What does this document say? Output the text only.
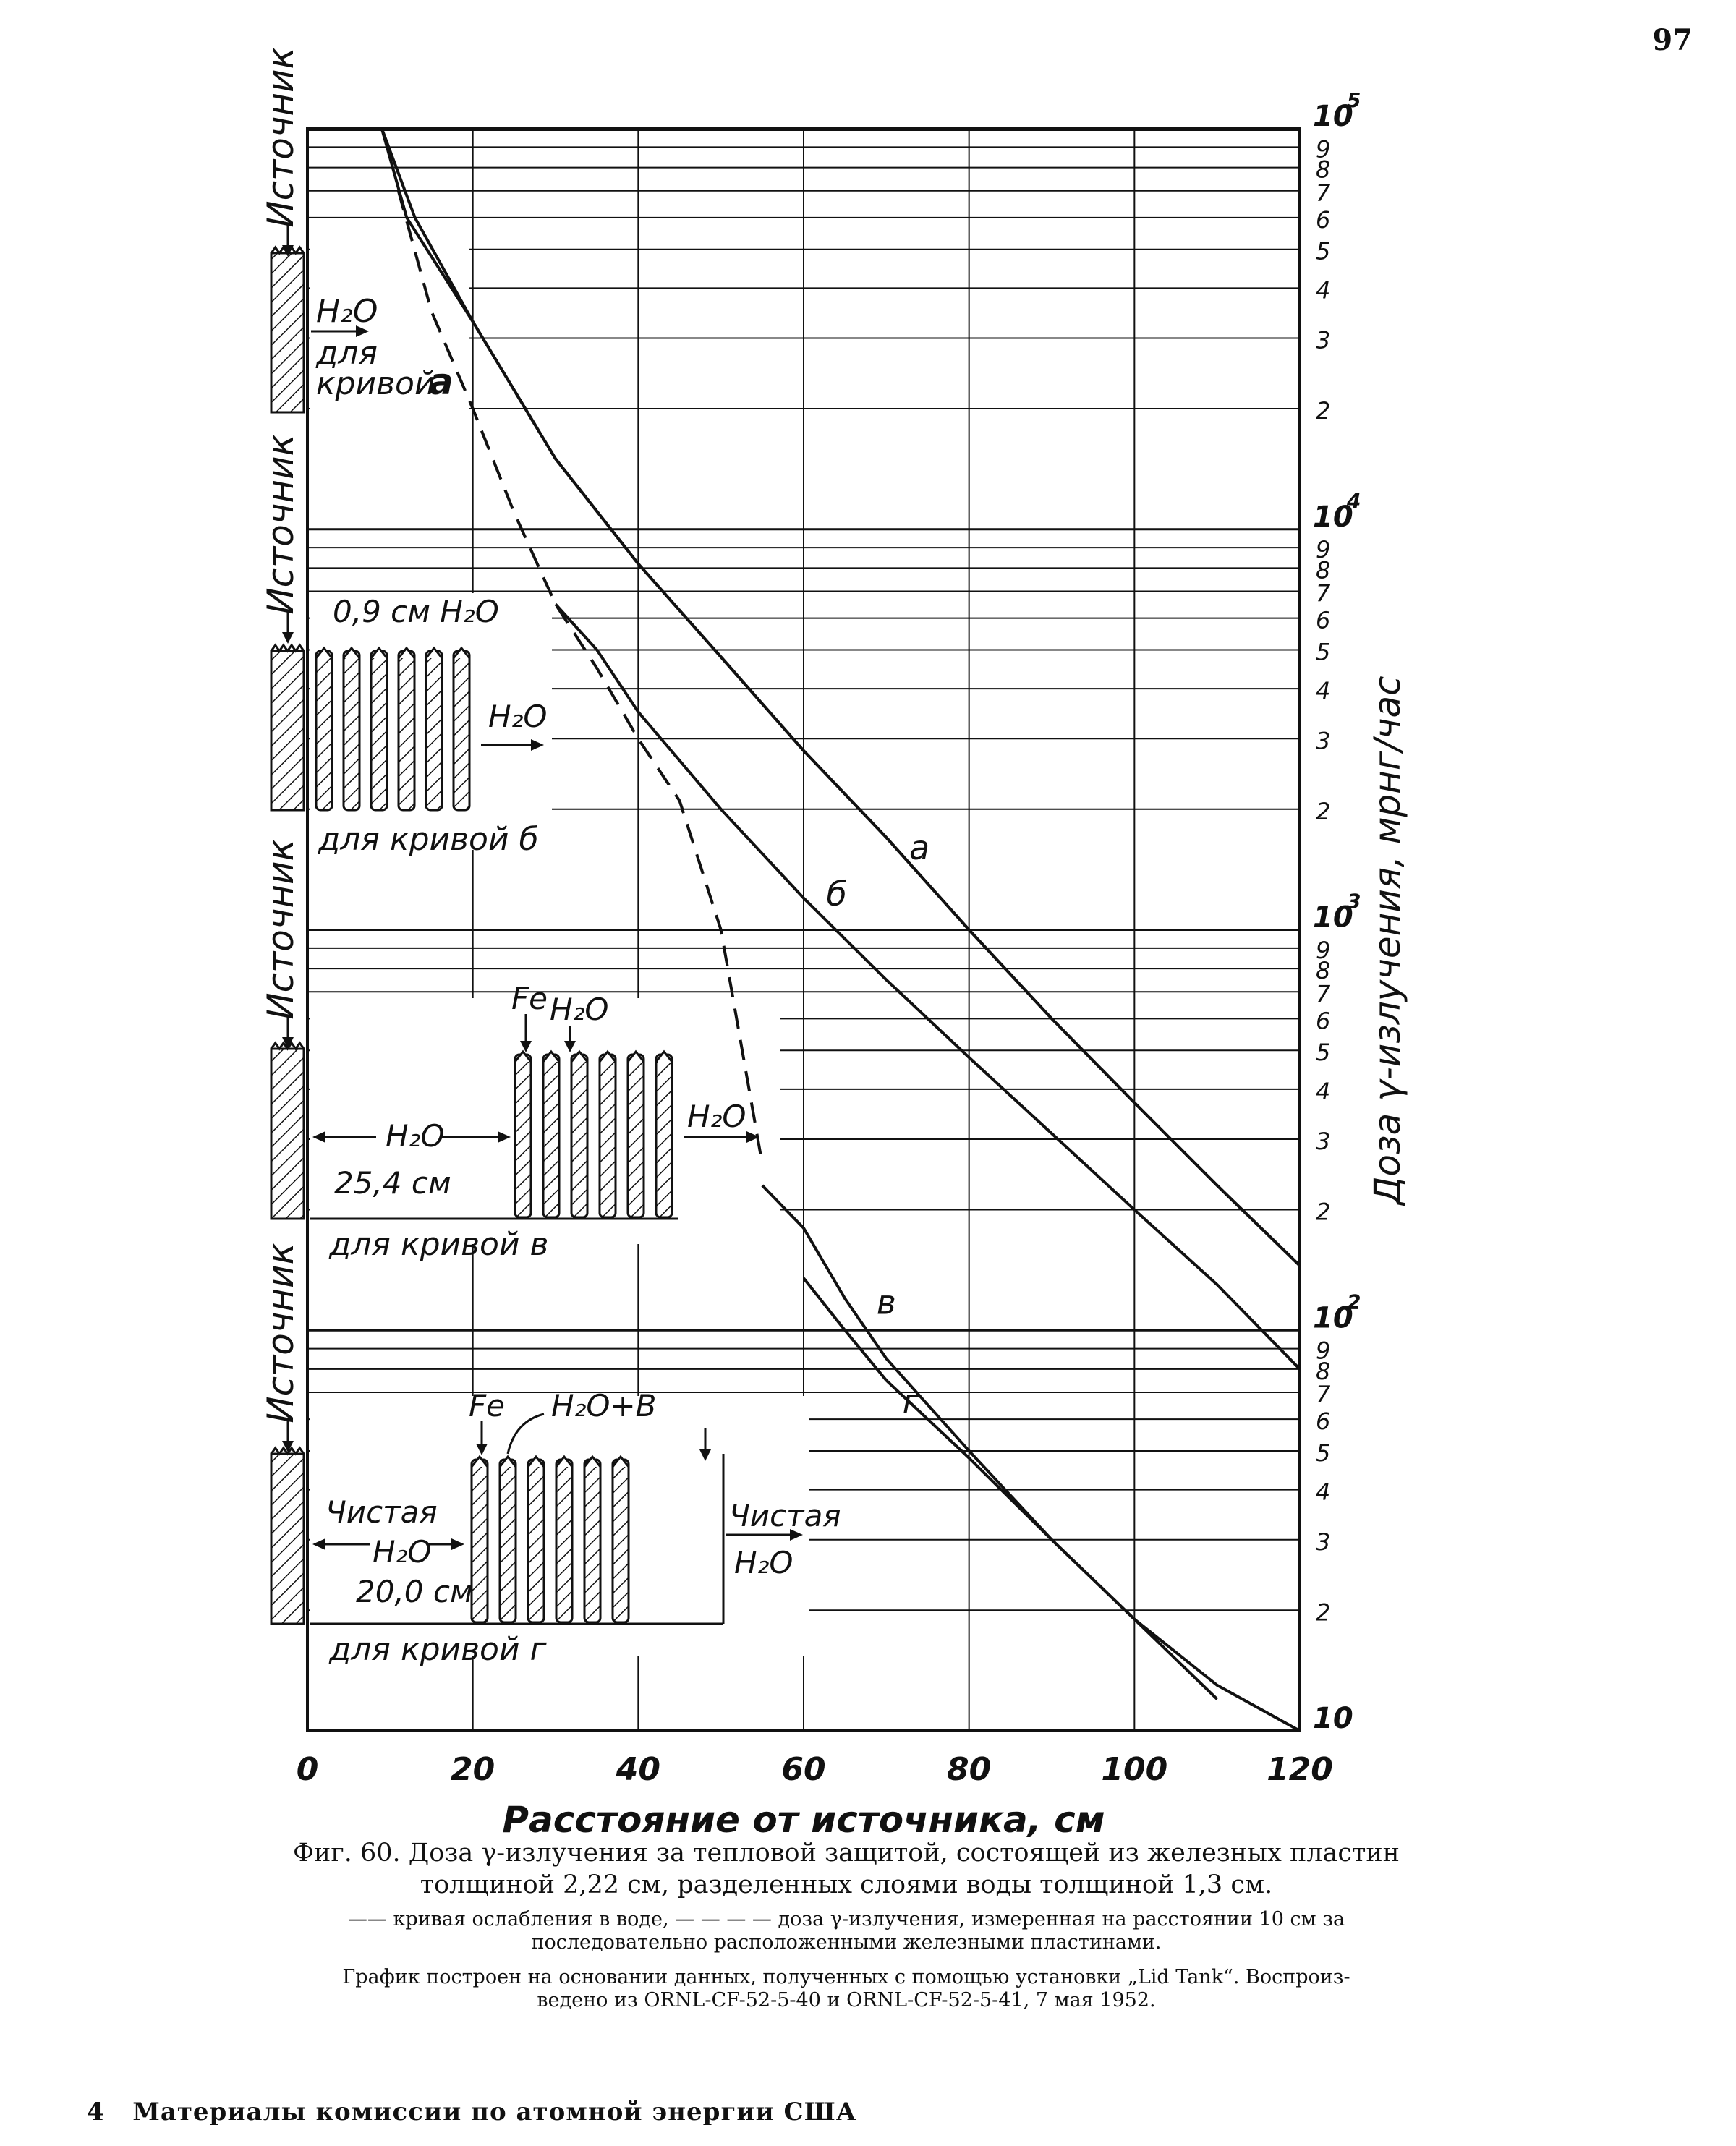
97
Источник
H₂O
для
кривой
а
Источник 0,9 см H₂O
H₂O
для кривой б
Источник	Fe H₂O
H₂O
25,4 см
H₂O
для кривой в
Источник	Fe H₂O+B
Чистая
H₂O
20,0 см
Чистая
H₂O
для кривой г
а
б
в
г
0	20	40	60	80	100	120
Расстояние от источника, см
10
10
2
10
3
10
4
10
5
2
3
4
5
6
7
8
9
2
3
4
5
6
7
8
9
2
3
4
5
6
7
8
9
2
3
4
5
6
7
8
9
Доза γ-излучения, мрнг/час
Фиг. 60. Доза γ-излучения за тепловой защитой, состоящей из железных пластин
толщиной 2,22 см, разделенных слоями воды толщиной 1,3 см.
—— кривая ослабления в воде, — — — — доза γ-излучения, измеренная на расстоянии 10 см за
последовательно расположенными железными пластинами.
График построен на основании данных, полученных с помощью установки „Lid Tank“. Воспроиз-
ведено из ORNL-CF-52-5-40 и ORNL-CF-52-5-41, 7 мая 1952.
4 Материалы комиссии по атомной энергии США
